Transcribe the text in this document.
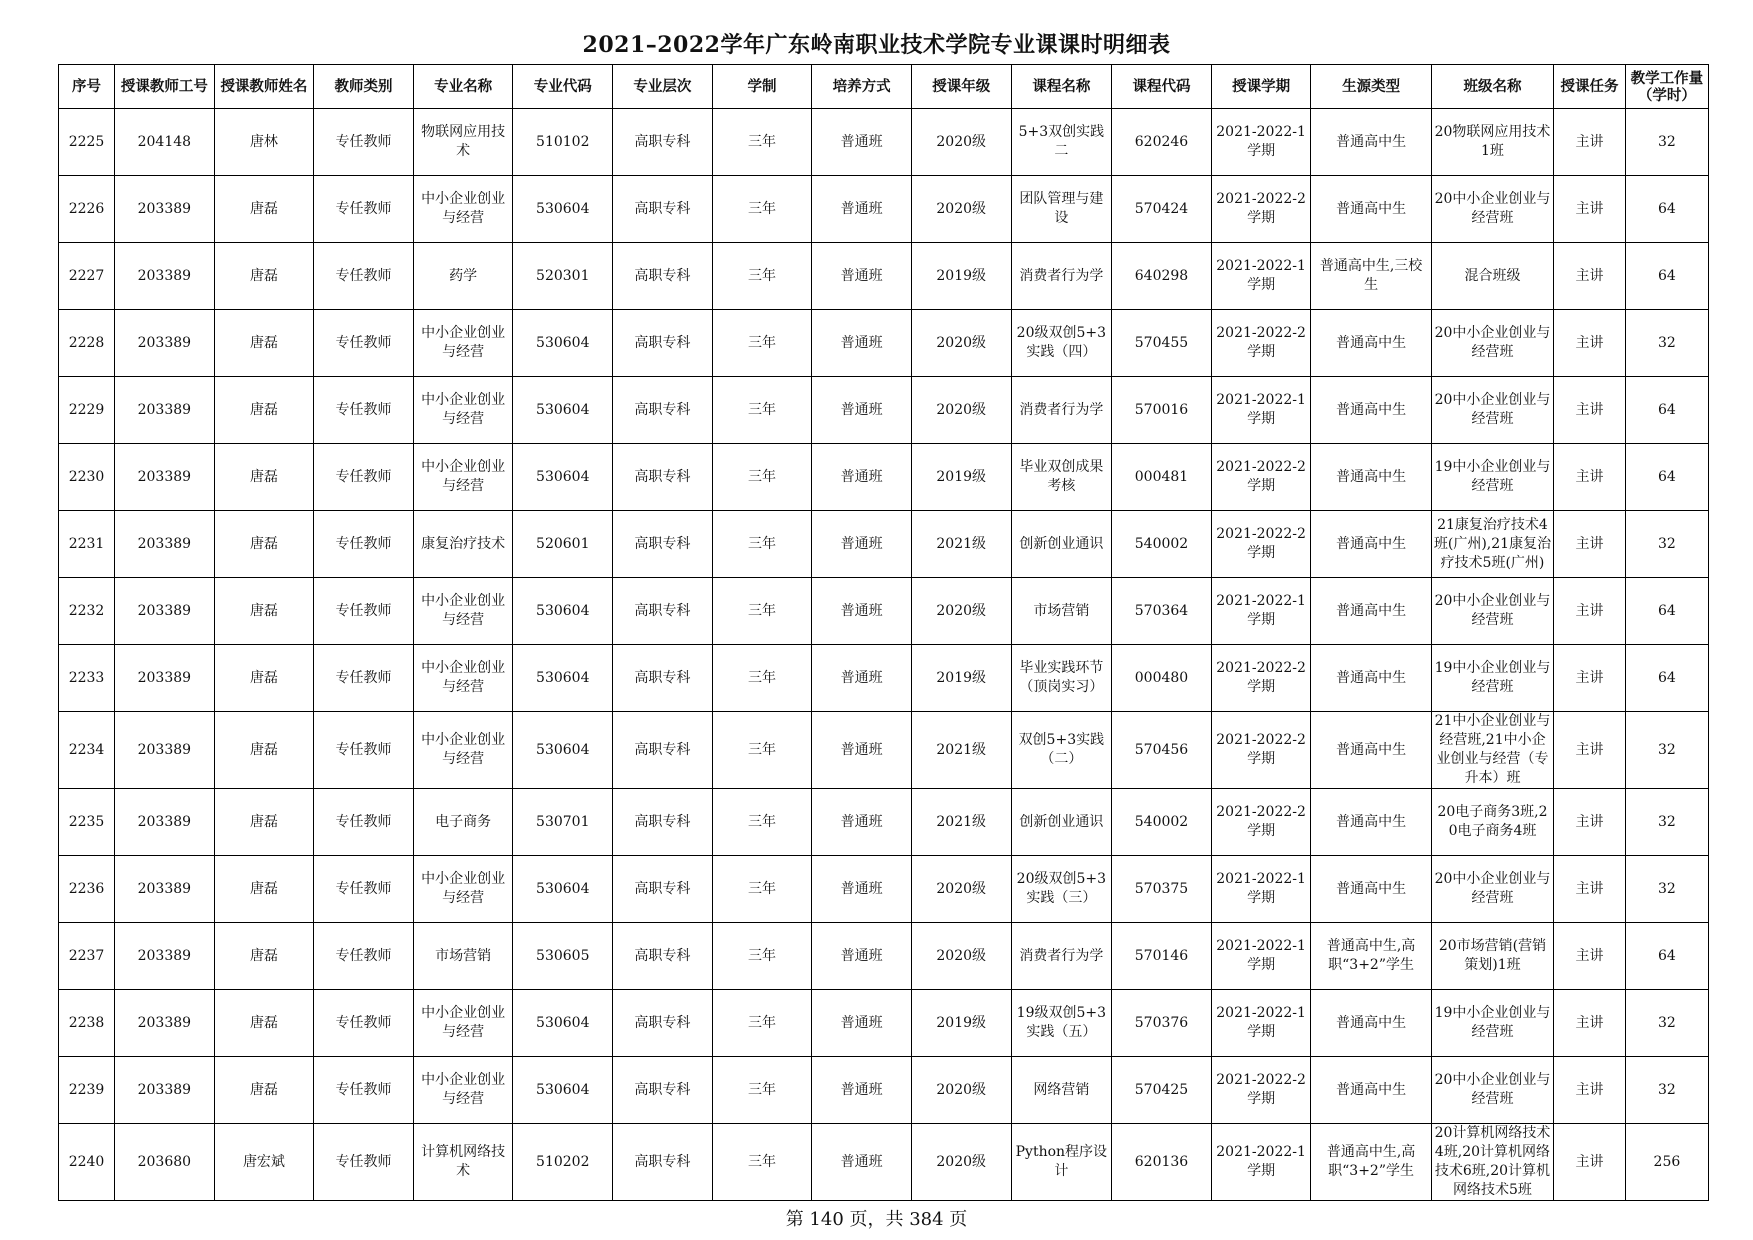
2021–2022学年广东岭南职业技术学院专业课课时明细表
序号	授课教师工号	授课教师姓名	教师类别	专业名称	专业代码	专业层次	学制	培养方式	授课年级	课程名称	课程代码	授课学期	生源类型	班级名称	授课任务	教学工作量（学时）
2225	204148	唐林	专任教师	物联网应用技术	510102	高职专科	三年	普通班	2020级	5+3双创实践二	620246	2021-2022-1学期	普通高中生	20物联网应用技术1班	主讲	32
2226	203389	唐磊	专任教师	中小企业创业与经营	530604	高职专科	三年	普通班	2020级	团队管理与建设	570424	2021-2022-2学期	普通高中生	20中小企业创业与经营班	主讲	64
2227	203389	唐磊	专任教师	药学	520301	高职专科	三年	普通班	2019级	消费者行为学	640298	2021-2022-1学期	普通高中生,三校生	混合班级	主讲	64
2228	203389	唐磊	专任教师	中小企业创业与经营	530604	高职专科	三年	普通班	2020级	20级双创5+3实践（四）	570455	2021-2022-2学期	普通高中生	20中小企业创业与经营班	主讲	32
2229	203389	唐磊	专任教师	中小企业创业与经营	530604	高职专科	三年	普通班	2020级	消费者行为学	570016	2021-2022-1学期	普通高中生	20中小企业创业与经营班	主讲	64
2230	203389	唐磊	专任教师	中小企业创业与经营	530604	高职专科	三年	普通班	2019级	毕业双创成果考核	000481	2021-2022-2学期	普通高中生	19中小企业创业与经营班	主讲	64
2231	203389	唐磊	专任教师	康复治疗技术	520601	高职专科	三年	普通班	2021级	创新创业通识	540002	2021-2022-2学期	普通高中生	21康复治疗技术4班(广州),21康复治疗技术5班(广州)	主讲	32
2232	203389	唐磊	专任教师	中小企业创业与经营	530604	高职专科	三年	普通班	2020级	市场营销	570364	2021-2022-1学期	普通高中生	20中小企业创业与经营班	主讲	64
2233	203389	唐磊	专任教师	中小企业创业与经营	530604	高职专科	三年	普通班	2019级	毕业实践环节（顶岗实习）	000480	2021-2022-2学期	普通高中生	19中小企业创业与经营班	主讲	64
2234	203389	唐磊	专任教师	中小企业创业与经营	530604	高职专科	三年	普通班	2021级	双创5+3实践（二）	570456	2021-2022-2学期	普通高中生	21中小企业创业与经营班,21中小企业创业与经营（专升本）班	主讲	32
2235	203389	唐磊	专任教师	电子商务	530701	高职专科	三年	普通班	2021级	创新创业通识	540002	2021-2022-2学期	普通高中生	20电子商务3班,20电子商务4班	主讲	32
2236	203389	唐磊	专任教师	中小企业创业与经营	530604	高职专科	三年	普通班	2020级	20级双创5+3实践（三）	570375	2021-2022-1学期	普通高中生	20中小企业创业与经营班	主讲	32
2237	203389	唐磊	专任教师	市场营销	530605	高职专科	三年	普通班	2020级	消费者行为学	570146	2021-2022-1学期	普通高中生,高职“3+2”学生	20市场营销(营销策划)1班	主讲	64
2238	203389	唐磊	专任教师	中小企业创业与经营	530604	高职专科	三年	普通班	2019级	19级双创5+3实践（五）	570376	2021-2022-1学期	普通高中生	19中小企业创业与经营班	主讲	32
2239	203389	唐磊	专任教师	中小企业创业与经营	530604	高职专科	三年	普通班	2020级	网络营销	570425	2021-2022-2学期	普通高中生	20中小企业创业与经营班	主讲	32
2240	203680	唐宏斌	专任教师	计算机网络技术	510202	高职专科	三年	普通班	2020级	Python程序设计	620136	2021-2022-1学期	普通高中生,高职“3+2”学生	20计算机网络技术4班,20计算机网络技术6班,20计算机网络技术5班	主讲	256
第 140 页，共 384 页
